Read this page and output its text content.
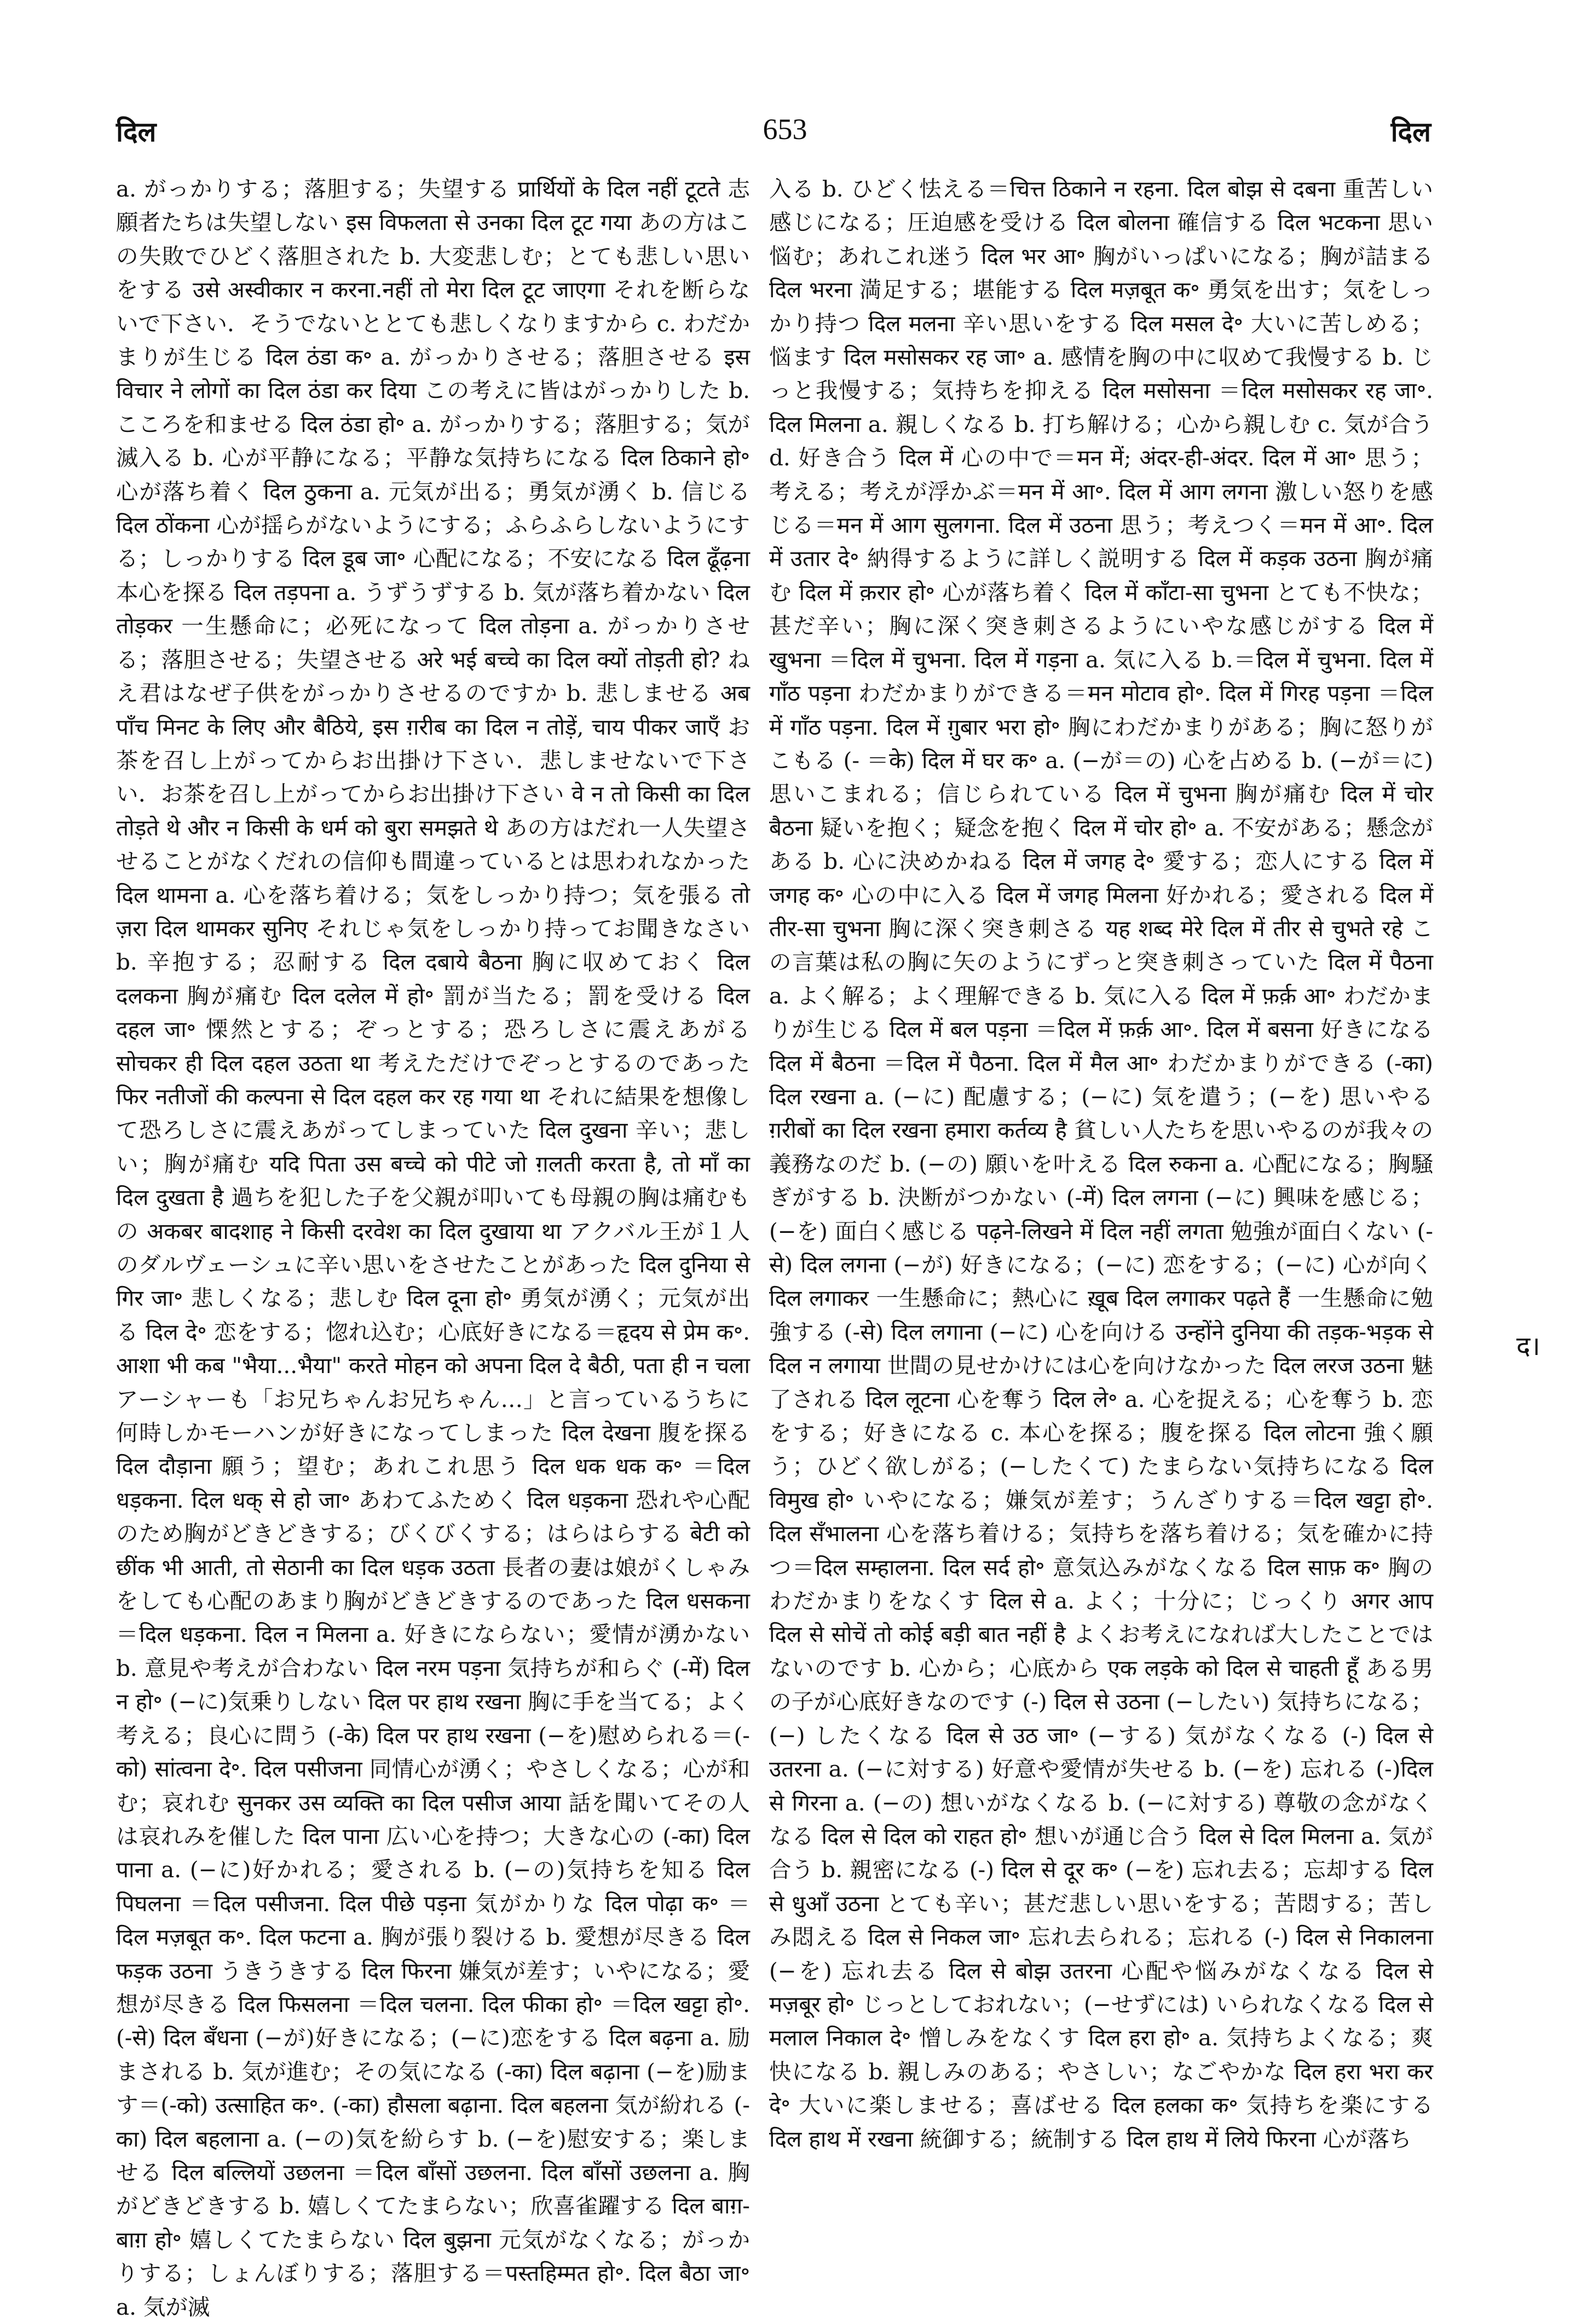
दिल	653	दिल

a. がっかりする；落胆する；失望する प्रार्थियों के दिल नहीं टूटते 志願者たちは失望しない इस विफलता से उनका दिल टूट गया あの方はこの失敗でひどく落胆された b. 大変悲しむ；とても悲しい思いをする उसे अस्वीकार न करना.नहीं तो मेरा दिल टूट जाएगा それを断らないで下さい．そうでないととても悲しくなりますから c. わだかまりが生じる दिल ठंडा क॰ a. がっかりさせる；落胆させる इस विचार ने लोगों का दिल ठंडा कर दिया この考えに皆はがっかりした b. こころを和ませる दिल ठंडा हो॰ a. がっかりする；落胆する；気が滅入る b. 心が平静になる；平静な気持ちになる दिल ठिकाने हो॰ 心が落ち着く दिल ठुकना a. 元気が出る；勇気が湧く b. 信じる दिल ठोंकना 心が揺らがないようにする；ふらふらしないようにする；しっかりする दिल डूब जा॰ 心配になる；不安になる दिल ढूँढ़ना 本心を探る दिल तड़पना a. うずうずする b. 気が落ち着かない दिल तोड़कर 一生懸命に；必死になって दिल तोड़ना a. がっかりさせる；落胆させる；失望させる अरे भई बच्चे का दिल क्यों तोड़ती हो? ねえ君はなぜ子供をがっかりさせるのですか b. 悲しませる अब पाँच मिनट के लिए और बैठिये, इस ग़रीब का दिल न तोड़ें, चाय पीकर जाएँ お茶を召し上がってからお出掛け下さい．悲しませないで下さい．お茶を召し上がってからお出掛け下さい वे न तो किसी का दिल तोड़ते थे और न किसी के धर्म को बुरा समझते थे あの方はだれ一人失望させることがなくだれの信仰も間違っているとは思われなかった दिल थामना a. 心を落ち着ける；気をしっかり持つ；気を張る तो ज़रा दिल थामकर सुनिए それじゃ気をしっかり持ってお聞きなさい b. 辛抱する；忍耐する दिल दबाये बैठना 胸に収めておく दिल दलकना 胸が痛む दिल दलेल में हो॰ 罰が当たる；罰を受ける दिल दहल जा॰ 慄然とする；ぞっとする；恐ろしさに震えあがる सोचकर ही दिल दहल उठता था 考えただけでぞっとするのであった फिर नतीजों की कल्पना से दिल दहल कर रह गया था それに結果を想像して恐ろしさに震えあがってしまっていた दिल दुखना 辛い；悲しい；胸が痛む यदि पिता उस बच्चे को पीटे जो ग़लती करता है, तो माँ का दिल दुखता है 過ちを犯した子を父親が叩いても母親の胸は痛むもの अकबर बादशाह ने किसी दरवेश का दिल दुखाया था アクバル王が１人のダルヴェーシュに辛い思いをさせたことがあった दिल दुनिया से गिर जा॰ 悲しくなる；悲しむ दिल दूना हो॰ 勇気が湧く；元気が出る दिल दे॰ 恋をする；惚れ込む；心底好きになる＝हृदय से प्रेम क॰. आशा भी कब "भैया...भैया" करते मोहन को अपना दिल दे बैठी, पता ही न चला アーシャーも「お兄ちゃんお兄ちゃん…」と言っているうちに何時しかモーハンが好きになってしまった दिल देखना 腹を探る दिल दौड़ाना 願う；望む；あれこれ思う दिल धक धक क॰ ＝दिल धड़कना. दिल धक् से हो जा॰ あわてふためく दिल धड़कना 恐れや心配のため胸がどきどきする；びくびくする；はらはらする बेटी को छींक भी आती, तो सेठानी का दिल धड़क उठता 長者の妻は娘がくしゃみをしても心配のあまり胸がどきどきするのであった दिल धसकना ＝दिल धड़कना. दिल न मिलना a. 好きにならない；愛情が湧かない b. 意見や考えが合わない दिल नरम पड़ना 気持ちが和らぐ (-में) दिल न हो॰ (−に)気乗りしない दिल पर हाथ रखना 胸に手を当てる；よく考える；良心に問う (-के) दिल पर हाथ रखना (−を)慰められる＝(-को) सांत्वना दे॰. दिल पसीजना 同情心が湧く；やさしくなる；心が和む；哀れむ सुनकर उस व्यक्ति का दिल पसीज आया 話を聞いてその人は哀れみを催した दिल पाना 広い心を持つ；大きな心の (-का) दिल पाना a. (−に)好かれる；愛される b. (−の)気持ちを知る दिल पिघलना ＝दिल पसीजना. दिल पीछे पड़ना 気がかりな दिल पोढ़ा क॰ ＝दिल मज़बूत क॰. दिल फटना a. 胸が張り裂ける b. 愛想が尽きる दिल फड़क उठना うきうきする दिल फिरना 嫌気が差す；いやになる；愛想が尽きる दिल फिसलना ＝दिल चलना. दिल फीका हो॰ ＝दिल खट्टा हो॰. (-से) दिल बँधना (−が)好きになる；(−に)恋をする दिल बढ़ना a. 励まされる b. 気が進む；その気になる (-का) दिल बढ़ाना (−を)励ます＝(-को) उत्साहित क॰. (-का) हौसला बढ़ाना. दिल बहलना 気が紛れる (-का) दिल बहलाना a. (−の)気を紛らす b. (−を)慰安する；楽しませる दिल बल्लियों उछलना ＝दिल बाँसों उछलना. दिल बाँसों उछलना a. 胸がどきどきする b. 嬉しくてたまらない；欣喜雀躍する दिल बाग़-बाग़ हो॰ 嬉しくてたまらない दिल बुझना 元気がなくなる；がっかりする；しょんぼりする；落胆する＝पस्तहिम्मत हो॰. दिल बैठा जा॰ a. 気が滅

入る b. ひどく怯える＝चित्त ठिकाने न रहना. दिल बोझ से दबना 重苦しい感じになる；圧迫感を受ける दिल बोलना 確信する दिल भटकना 思い悩む；あれこれ迷う दिल भर आ॰ 胸がいっぱいになる；胸が詰まる दिल भरना 満足する；堪能する दिल मज़बूत क॰ 勇気を出す；気をしっかり持つ दिल मलना 辛い思いをする दिल मसल दे॰ 大いに苦しめる；悩ます दिल मसोसकर रह जा॰ a. 感情を胸の中に収めて我慢する b. じっと我慢する；気持ちを抑える दिल मसोसना ＝दिल मसोसकर रह जा॰. दिल मिलना a. 親しくなる b. 打ち解ける；心から親しむ c. 気が合う d. 好き合う दिल में 心の中で＝मन में; अंदर-ही-अंदर. दिल में आ॰ 思う；考える；考えが浮かぶ＝मन में आ॰. दिल में आग लगना 激しい怒りを感じる＝मन में आग सुलगना. दिल में उठना 思う；考えつく＝मन में आ॰. दिल में उतार दे॰ 納得するように詳しく説明する दिल में कड़क उठना 胸が痛む दिल में क़रार हो॰ 心が落ち着く दिल में काँटा-सा चुभना とても不快な；甚だ辛い；胸に深く突き刺さるようにいやな感じがする दिल में खुभना ＝दिल में चुभना. दिल में गड़ना a. 気に入る b.＝दिल में चुभना. दिल में गाँठ पड़ना わだかまりができる＝मन मोटाव हो॰. दिल में गिरह पड़ना ＝दिल में गाँठ पड़ना. दिल में ग़ुबार भरा हो॰ 胸にわだかまりがある；胸に怒りがこもる (- ＝के) दिल में घर क॰ a. (−が＝の) 心を占める b. (−が＝に) 思いこまれる；信じられている दिल में चुभना 胸が痛む दिल में चोर बैठना 疑いを抱く；疑念を抱く दिल में चोर हो॰ a. 不安がある；懸念がある b. 心に決めかねる दिल में जगह दे॰ 愛する；恋人にする दिल में जगह क॰ 心の中に入る दिल में जगह मिलना 好かれる；愛される दिल में तीर-सा चुभना 胸に深く突き刺さる यह शब्द मेरे दिल में तीर से चुभते रहे この言葉は私の胸に矢のようにずっと突き刺さっていた दिल में पैठना a. よく解る；よく理解できる b. 気に入る दिल में फ़र्क़ आ॰ わだかまりが生じる दिल में बल पड़ना ＝दिल में फ़र्क़ आ॰. दिल में बसना 好きになる दिल में बैठना ＝दिल में पैठना. दिल में मैल आ॰ わだかまりができる (-का) दिल रखना a. (−に) 配慮する；(−に) 気を遣う；(−を) 思いやる ग़रीबों का दिल रखना हमारा कर्तव्य है 貧しい人たちを思いやるのが我々の義務なのだ b. (−の) 願いを叶える दिल रुकना a. 心配になる；胸騒ぎがする b. 決断がつかない (-में) दिल लगना (−に) 興味を感じる；(−を) 面白く感じる पढ़ने-लिखने में दिल नहीं लगता 勉強が面白くない (-से) दिल लगना (−が) 好きになる；(−に) 恋をする；(−に) 心が向く दिल लगाकर 一生懸命に；熱心に ख़ूब दिल लगाकर पढ़ते हैं 一生懸命に勉強する (-से) दिल लगाना (−に) 心を向ける उन्होंने दुनिया की तड़क-भड़क से दिल न लगाया 世間の見せかけには心を向けなかった दिल लरज उठना 魅了される दिल लूटना 心を奪う दिल ले॰ a. 心を捉える；心を奪う b. 恋をする；好きになる c. 本心を探る；腹を探る दिल लोटना 強く願う；ひどく欲しがる；(−したくて) たまらない気持ちになる दिल विमुख हो॰ いやになる；嫌気が差す；うんざりする＝दिल खट्टा हो॰. दिल सँभालना 心を落ち着ける；気持ちを落ち着ける；気を確かに持つ＝दिल सम्हालना. दिल सर्द हो॰ 意気込みがなくなる दिल साफ़ क॰ 胸のわだかまりをなくす दिल से a. よく；十分に；じっくり अगर आप दिल से सोचें तो कोई बड़ी बात नहीं है よくお考えになれば大したことではないのです b. 心から；心底から एक लड़के को दिल से चाहती हूँ ある男の子が心底好きなのです (-) दिल से उठना (−したい) 気持ちになる；(−) したくなる दिल से उठ जा॰ (−する) 気がなくなる (-) दिल से उतरना a. (−に対する) 好意や愛情が失せる b. (−を) 忘れる (-)दिल से गिरना a. (−の) 想いがなくなる b. (−に対する) 尊敬の念がなくなる दिल से दिल को राहत हो॰ 想いが通じ合う दिल से दिल मिलना a. 気が合う b. 親密になる (-) दिल से दूर क॰ (−を) 忘れ去る；忘却する दिल से धुआँ उठना とても辛い；甚だ悲しい思いをする；苦悶する；苦しみ悶える दिल से निकल जा॰ 忘れ去られる；忘れる (-) दिल से निकालना (−を) 忘れ去る दिल से बोझ उतरना 心配や悩みがなくなる दिल से मज़बूर हो॰ じっとしておれない；(−せずには) いられなくなる दिल से मलाल निकाल दे॰ 憎しみをなくす दिल हरा हो॰ a. 気持ちよくなる；爽快になる b. 親しみのある；やさしい；なごやかな दिल हरा भरा कर दे॰ 大いに楽しませる；喜ばせる दिल हलका क॰ 気持ちを楽にする दिल हाथ में रखना 統御する；統制する दिल हाथ में लिये फिरना 心が落ち

द।
